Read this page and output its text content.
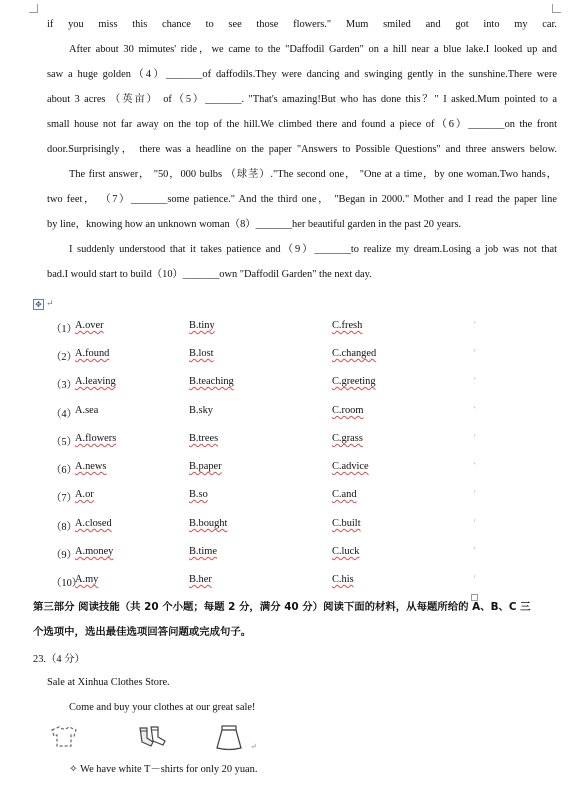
if you miss this chance to see those flowers." Mum smiled and got into my car.
After about 30 mimutes' ride，we came to the "Daffodil Garden" on a hill near a blue lake.I looked up and
saw a huge golden（4）_______of daffodils.They were dancing and swinging gently in the sunshine.There were
about 3 acres （英亩） of（5）_______. "That's amazing!But who has done this？" I asked.Mum pointed to a
small house not far away on the top of the hill.We climbed there and found a piece of（6）_______on the front
door.Surprisingly， there was a headline on the paper "Answers to Possible Questions" and three answers below.
The first answer， "50，000 bulbs （球茎）."The second one， "One at a time，by one woman.Two hands，
two feet， （7）_______some patience." And the third one， "Began in 2000." Mother and I read the paper line
by line，knowing how an unknown woman（8）_______her beautiful garden in the past 20 years.
I suddenly understood that it takes patience and（9）_______to realize my dream.Losing a job was not that
bad.I would start to build（10）_______own "Daffodil Garden" the next day.
✥ ↵
（1）
A.over	B.tiny	C.fresh	′
（2）
A.found	B.lost	C.changed	′
（3）
A.leaving	B.teaching	C.greeting	′
（4）
A.sea	B.sky	C.room	′
（5）
A.flowers	B.trees	C.grass	′
（6）
A.news	B.paper	C.advice	′
（7）
A.or	B.so	C.and	′
（8）
A.closed	B.bought	C.built	′
（9）
A.money	B.time	C.luck	′
（10）
A.my	B.her	C.his	′
第三部分 阅读技能（共 20 个小题；每题 2 分，满分 40 分）阅读下面的材料，从每题所给的 A、B、C 三
个选项中，选出最佳选项回答问题或完成句子。
23.（4 分）
Sale at Xinhua Clothes Store.
Come and buy your clothes at our great sale!
↵
✧ We have white T－shirts for only 20 yuan.
